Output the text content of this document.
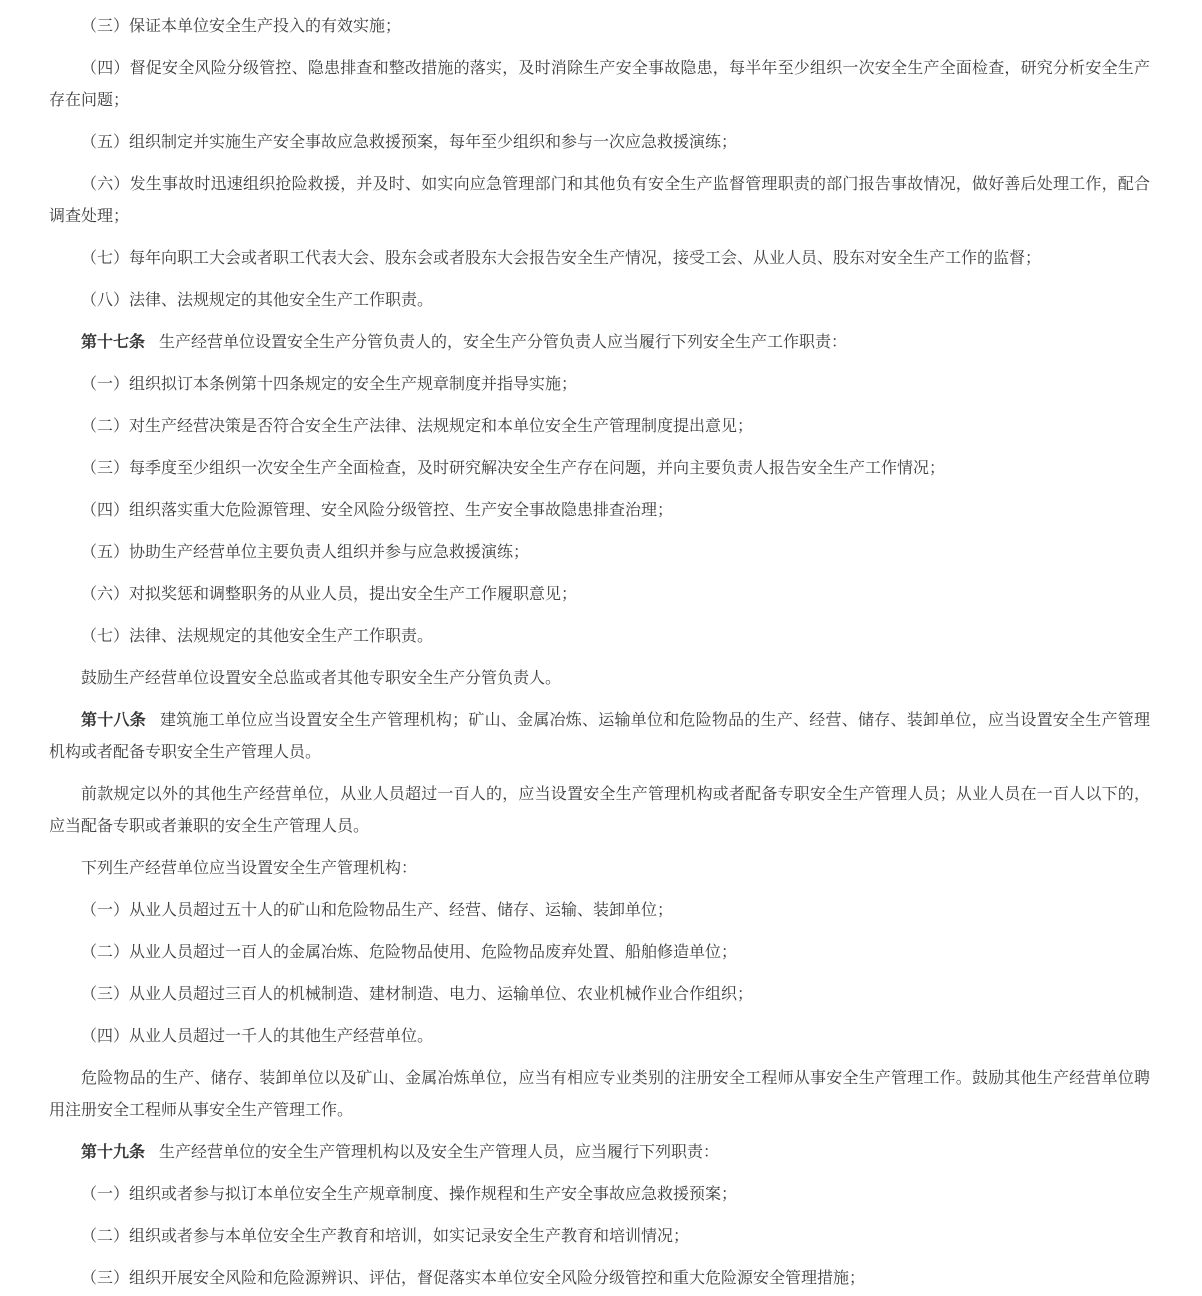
（三）保证本单位安全生产投入的有效实施；

（四）督促安全风险分级管控、隐患排查和整改措施的落实，及时消除生产安全事故隐患，每半年至少组织一次安全生产全面检查，研究分析安全生产存在问题；

（五）组织制定并实施生产安全事故应急救援预案，每年至少组织和参与一次应急救援演练；

（六）发生事故时迅速组织抢险救援，并及时、如实向应急管理部门和其他负有安全生产监督管理职责的部门报告事故情况，做好善后处理工作，配合调查处理；

（七）每年向职工大会或者职工代表大会、股东会或者股东大会报告安全生产情况，接受工会、从业人员、股东对安全生产工作的监督；

（八）法律、法规规定的其他安全生产工作职责。

第十七条 生产经营单位设置安全生产分管负责人的，安全生产分管负责人应当履行下列安全生产工作职责：

（一）组织拟订本条例第十四条规定的安全生产规章制度并指导实施；

（二）对生产经营决策是否符合安全生产法律、法规规定和本单位安全生产管理制度提出意见；

（三）每季度至少组织一次安全生产全面检查，及时研究解决安全生产存在问题，并向主要负责人报告安全生产工作情况；

（四）组织落实重大危险源管理、安全风险分级管控、生产安全事故隐患排查治理；

（五）协助生产经营单位主要负责人组织并参与应急救援演练；

（六）对拟奖惩和调整职务的从业人员，提出安全生产工作履职意见；

（七）法律、法规规定的其他安全生产工作职责。

鼓励生产经营单位设置安全总监或者其他专职安全生产分管负责人。

第十八条 建筑施工单位应当设置安全生产管理机构；矿山、金属冶炼、运输单位和危险物品的生产、经营、储存、装卸单位，应当设置安全生产管理机构或者配备专职安全生产管理人员。

前款规定以外的其他生产经营单位，从业人员超过一百人的，应当设置安全生产管理机构或者配备专职安全生产管理人员；从业人员在一百人以下的，应当配备专职或者兼职的安全生产管理人员。

下列生产经营单位应当设置安全生产管理机构：

（一）从业人员超过五十人的矿山和危险物品生产、经营、储存、运输、装卸单位；

（二）从业人员超过一百人的金属冶炼、危险物品使用、危险物品废弃处置、船舶修造单位；

（三）从业人员超过三百人的机械制造、建材制造、电力、运输单位、农业机械作业合作组织；

（四）从业人员超过一千人的其他生产经营单位。

危险物品的生产、储存、装卸单位以及矿山、金属冶炼单位，应当有相应专业类别的注册安全工程师从事安全生产管理工作。鼓励其他生产经营单位聘用注册安全工程师从事安全生产管理工作。

第十九条 生产经营单位的安全生产管理机构以及安全生产管理人员，应当履行下列职责：

（一）组织或者参与拟订本单位安全生产规章制度、操作规程和生产安全事故应急救援预案；

（二）组织或者参与本单位安全生产教育和培训，如实记录安全生产教育和培训情况；

（三）组织开展安全风险和危险源辨识、评估，督促落实本单位安全风险分级管控和重大危险源安全管理措施；
